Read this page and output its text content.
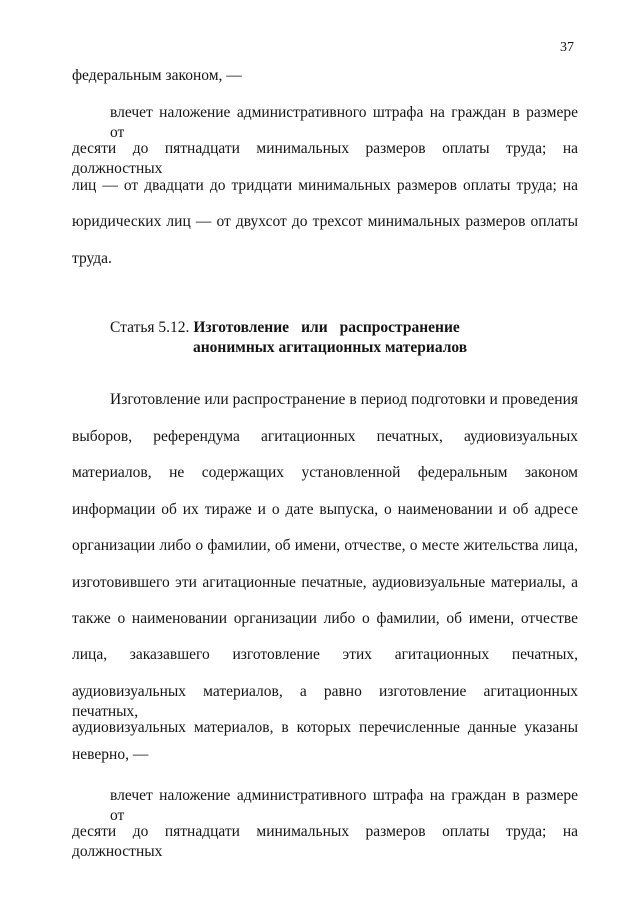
37
федеральным законом, —
влечет наложение административного штрафа на граждан в размере от
десяти до пятнадцати минимальных размеров оплаты труда; на должностных
лиц — от двадцати до тридцати минимальных размеров оплаты труда; на
юридических лиц — от двухсот до трехсот минимальных размеров оплаты
труда.
Статья 5.12. Изготовление или распространение
анонимных агитационных материалов
Изготовление или распространение в период подготовки и проведения
выборов, референдума агитационных печатных, аудиовизуальных
материалов, не содержащих установленной федеральным законом
информации об их тираже и о дате выпуска, о наименовании и об адресе
организации либо о фамилии, об имени, отчестве, о месте жительства лица,
изготовившего эти агитационные печатные, аудиовизуальные материалы, а
также о наименовании организации либо о фамилии, об имени, отчестве
лица, заказавшего изготовление этих агитационных печатных,
аудиовизуальных материалов, а равно изготовление агитационных печатных,
аудиовизуальных материалов, в которых перечисленные данные указаны
неверно, —
влечет наложение административного штрафа на граждан в размере от
десяти до пятнадцати минимальных размеров оплаты труда; на должностных
